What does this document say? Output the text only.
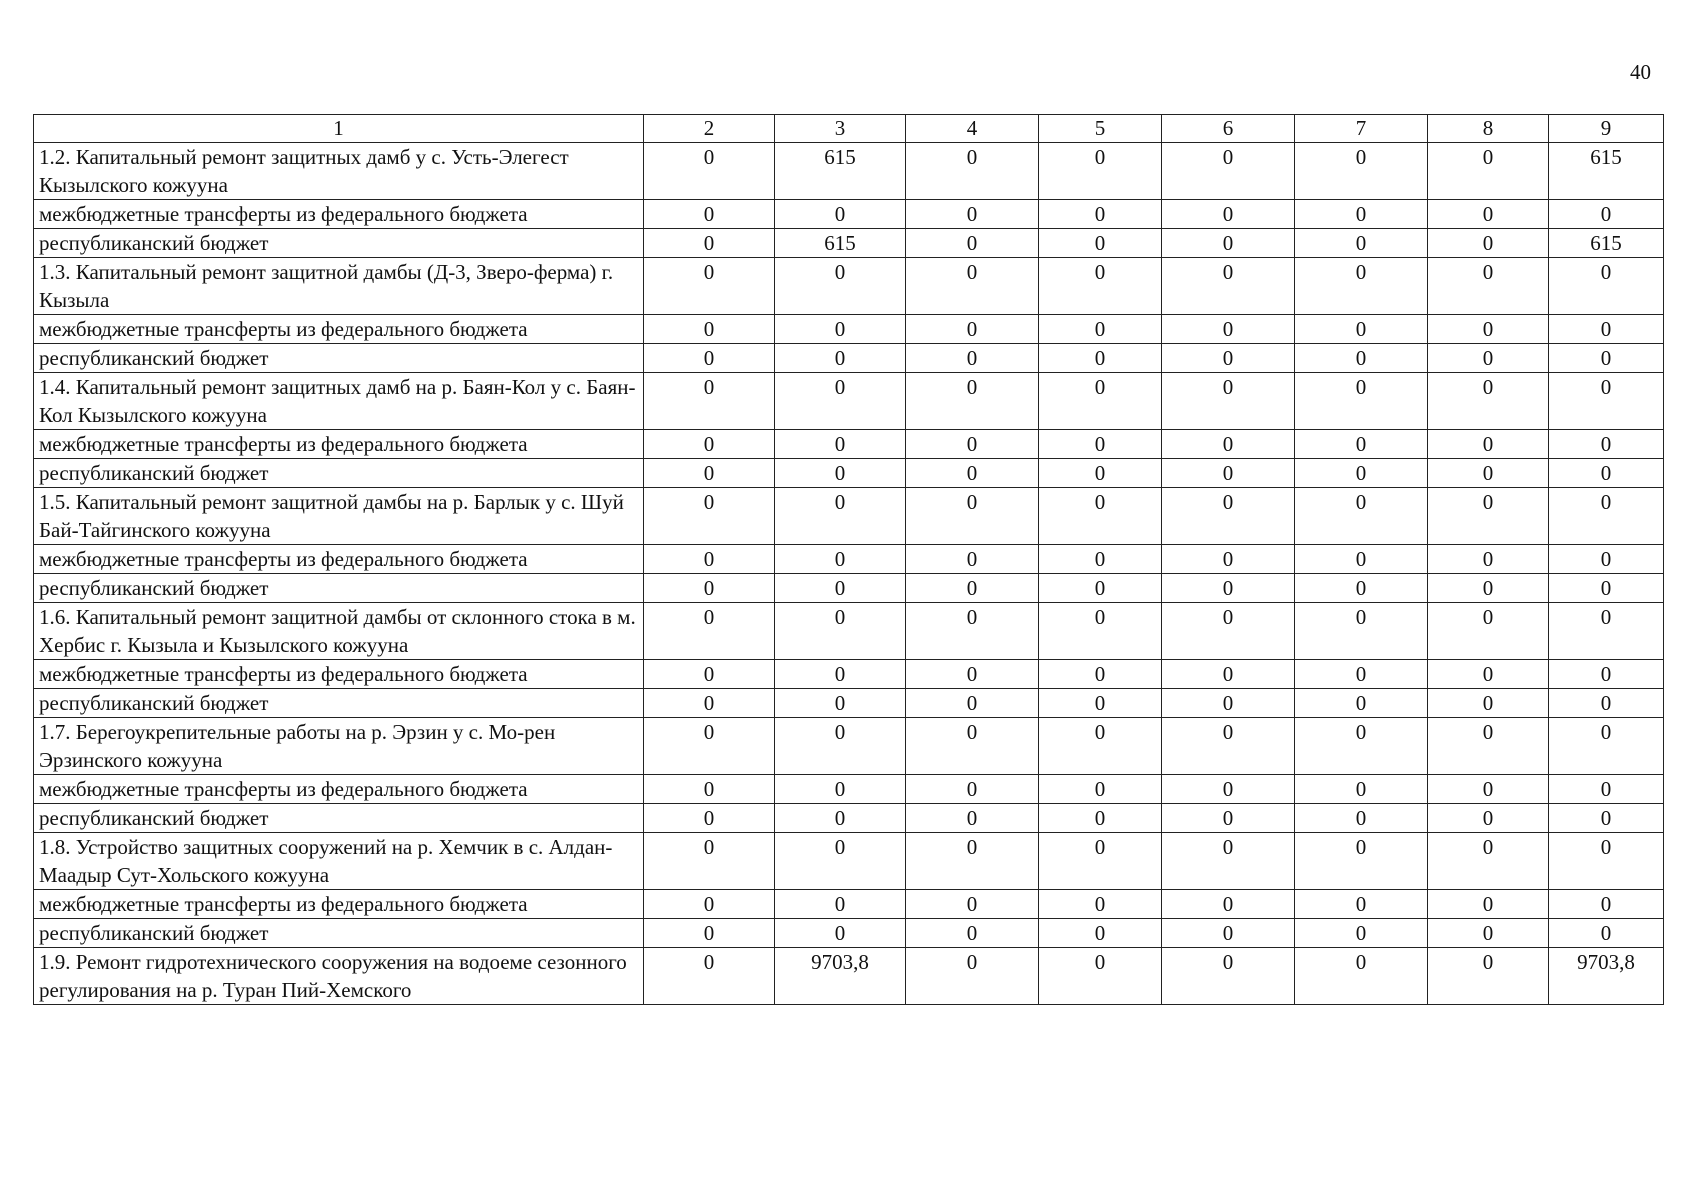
40
1	2	3	4	5	6	7	8	9
1.2. Капитальный ремонт защитных дамб у с. Усть-Элегест Кызылского кожууна	0	615	0	0	0	0	0	615
межбюджетные трансферты из федерального бюджета	0	0	0	0	0	0	0	0
республиканский бюджет	0	615	0	0	0	0	0	615
1.3. Капитальный ремонт защитной дамбы (Д-3, Зверо-ферма) г. Кызыла	0	0	0	0	0	0	0	0
межбюджетные трансферты из федерального бюджета	0	0	0	0	0	0	0	0
республиканский бюджет	0	0	0	0	0	0	0	0
1.4. Капитальный ремонт защитных дамб на р. Баян-Кол у с. Баян-Кол Кызылского кожууна	0	0	0	0	0	0	0	0
межбюджетные трансферты из федерального бюджета	0	0	0	0	0	0	0	0
республиканский бюджет	0	0	0	0	0	0	0	0
1.5. Капитальный ремонт защитной дамбы на р. Барлык у с. Шуй Бай-Тайгинского кожууна	0	0	0	0	0	0	0	0
межбюджетные трансферты из федерального бюджета	0	0	0	0	0	0	0	0
республиканский бюджет	0	0	0	0	0	0	0	0
1.6. Капитальный ремонт защитной дамбы от склонного стока в м. Хербис г. Кызыла и Кызылского кожууна	0	0	0	0	0	0	0	0
межбюджетные трансферты из федерального бюджета	0	0	0	0	0	0	0	0
республиканский бюджет	0	0	0	0	0	0	0	0
1.7. Берегоукрепительные работы на р. Эрзин у с. Мо-рен Эрзинского кожууна	0	0	0	0	0	0	0	0
межбюджетные трансферты из федерального бюджета	0	0	0	0	0	0	0	0
республиканский бюджет	0	0	0	0	0	0	0	0
1.8. Устройство защитных сооружений на р. Хемчик в с. Алдан-Маадыр Сут-Хольского кожууна	0	0	0	0	0	0	0	0
межбюджетные трансферты из федерального бюджета	0	0	0	0	0	0	0	0
республиканский бюджет	0	0	0	0	0	0	0	0
1.9. Ремонт гидротехнического сооружения на водоеме сезонного регулирования на р. Туран Пий-Хемского	0	9703,8	0	0	0	0	0	9703,8
